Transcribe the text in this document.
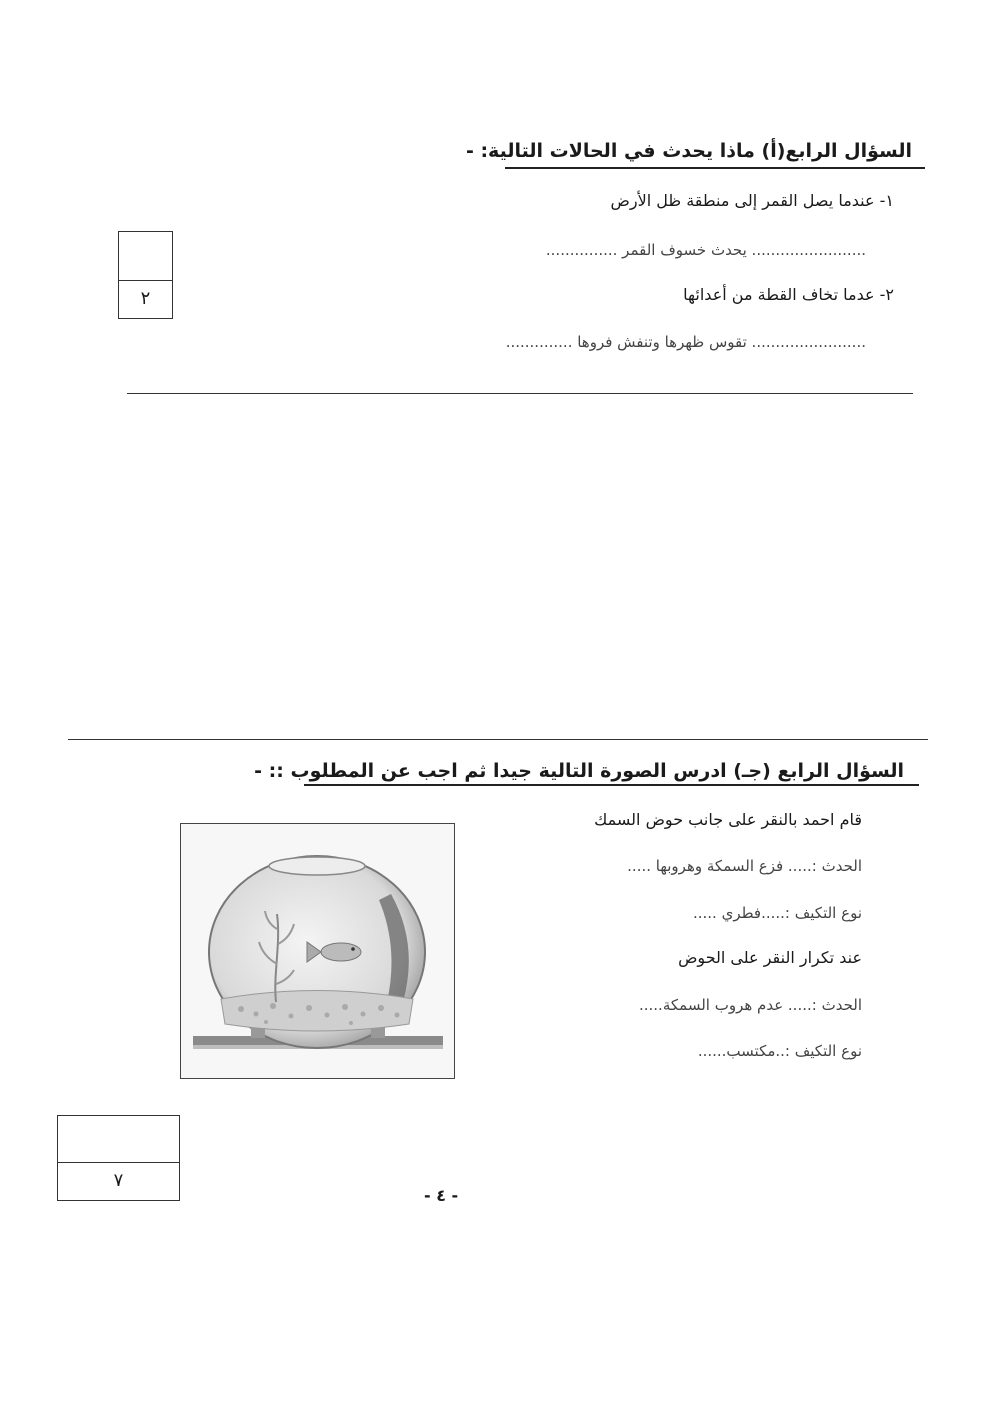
السؤال الرابع(أ) ماذا يحدث في الحالات التالية: -
١- عندما يصل القمر إلى منطقة ظل الأرض
........................ يحدث خسوف القمر ...............
٢- عدما تخاف القطة من أعدائها
........................ تقوس ظهرها وتنفش فروها ..............
٢
السؤال الرابع (جـ) ادرس الصورة التالية جيدا ثم اجب عن المطلوب :: -
قام احمد بالنقر على جانب حوض السمك
الحدث :..... فزع السمكة وهروبها .....
نوع التكيف :.....فطري .....
عند تكرار النقر على الحوض
الحدث :..... عدم هروب السمكة.....
نوع التكيف :..مكتسب......
٧
- ٤ -
